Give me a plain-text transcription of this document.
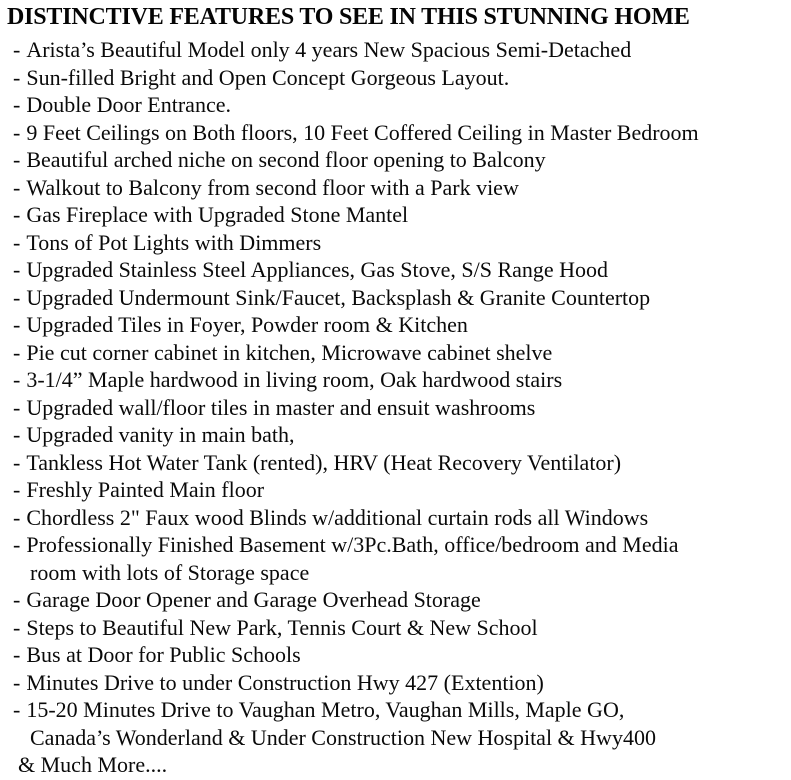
DISTINCTIVE FEATURES TO SEE IN THIS STUNNING HOME
- Arista’s Beautiful Model only 4 years New Spacious Semi-Detached
- Sun-filled Bright and Open Concept Gorgeous Layout.
- Double Door Entrance.
- 9 Feet Ceilings on Both floors, 10 Feet Coffered Ceiling in Master Bedroom
- Beautiful arched niche on second floor opening to Balcony
- Walkout to Balcony from second floor with a Park view
- Gas Fireplace with Upgraded Stone Mantel
- Tons of Pot Lights with Dimmers
- Upgraded Stainless Steel Appliances, Gas Stove, S/S Range Hood
- Upgraded Undermount Sink/Faucet, Backsplash & Granite Countertop
- Upgraded Tiles in Foyer, Powder room & Kitchen
- Pie cut corner cabinet in kitchen, Microwave cabinet shelve
- 3-1/4” Maple hardwood in living room, Oak hardwood stairs
- Upgraded wall/floor tiles in master and ensuit washrooms
- Upgraded vanity in main bath,
- Tankless Hot Water Tank (rented), HRV (Heat Recovery Ventilator)
- Freshly Painted Main floor
- Chordless 2" Faux wood Blinds w/additional curtain rods all Windows
- Professionally Finished Basement w/3Pc.Bath, office/bedroom and Media
room with lots of Storage space
- Garage Door Opener and Garage Overhead Storage
- Steps to Beautiful New Park, Tennis Court & New School
- Bus at Door for Public Schools
- Minutes Drive to under Construction Hwy 427 (Extention)
- 15-20 Minutes Drive to Vaughan Metro, Vaughan Mills, Maple GO,
Canada’s Wonderland & Under Construction New Hospital & Hwy400
& Much More....
